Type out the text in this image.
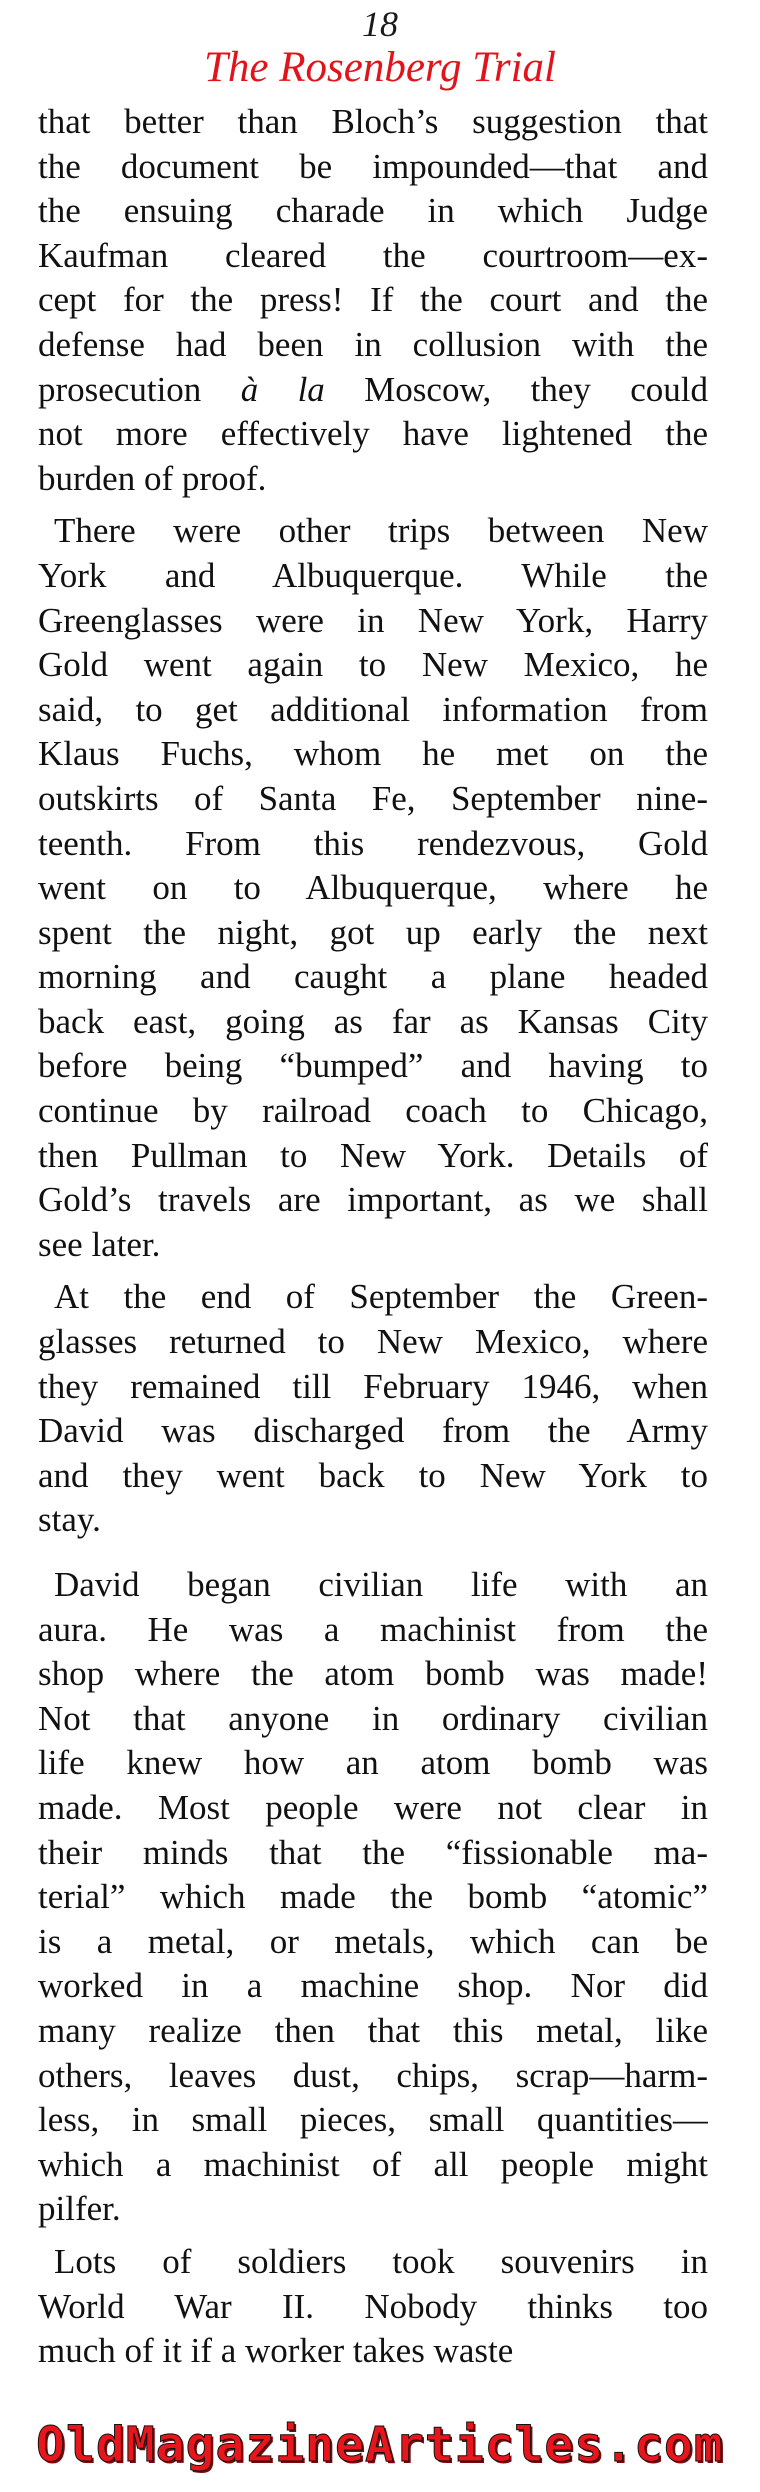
18
The Rosenberg Trial
that better than Bloch’s suggestion that
the document be impounded—that and
the ensuing charade in which Judge
Kaufman cleared the courtroom—ex-
cept for the press! If the court and the
defense had been in collusion with the
prosecution à la Moscow, they could
not more effectively have lightened the
burden of proof.
There were other trips between New
York and Albuquerque. While the
Greenglasses were in New York, Harry
Gold went again to New Mexico, he
said, to get additional information from
Klaus Fuchs, whom he met on the
outskirts of Santa Fe, September nine-
teenth. From this rendezvous, Gold
went on to Albuquerque, where he
spent the night, got up early the next
morning and caught a plane headed
back east, going as far as Kansas City
before being “bumped” and having to
continue by railroad coach to Chicago,
then Pullman to New York. Details of
Gold’s travels are important, as we shall
see later.
At the end of September the Green-
glasses returned to New Mexico, where
they remained till February 1946, when
David was discharged from the Army
and they went back to New York to
stay.
David began civilian life with an
aura. He was a machinist from the
shop where the atom bomb was made!
Not that anyone in ordinary civilian
life knew how an atom bomb was
made. Most people were not clear in
their minds that the “fissionable ma-
terial” which made the bomb “atomic”
is a metal, or metals, which can be
worked in a machine shop. Nor did
many realize then that this metal, like
others, leaves dust, chips, scrap—harm-
less, in small pieces, small quantities—
which a machinist of all people might
pilfer.
Lots of soldiers took souvenirs in
World War II. Nobody thinks too
much of it if a worker takes waste
OldMagazineArticles.com
